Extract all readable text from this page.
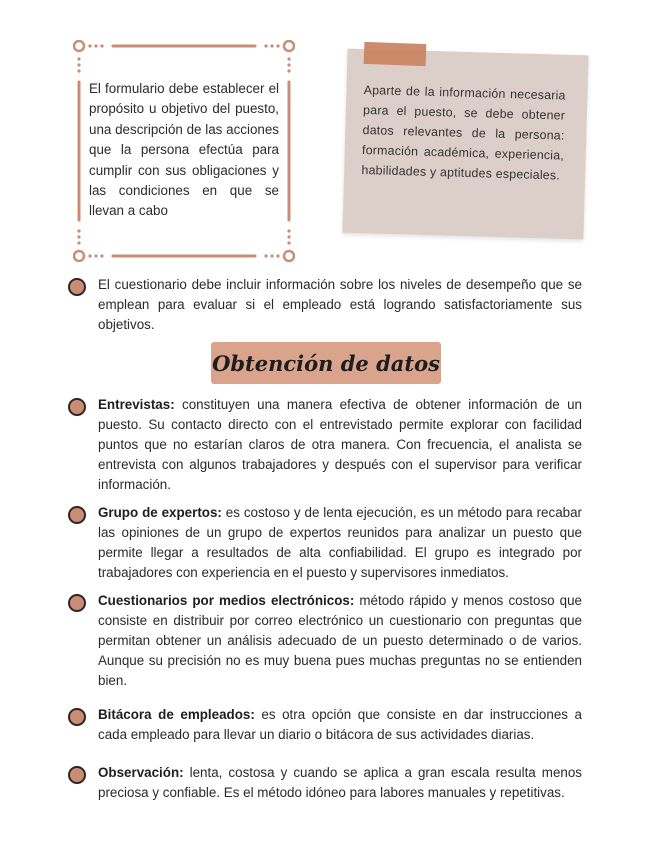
El formulario debe establecer el propósito u objetivo del puesto, una descripción de las acciones que la persona efectúa para cumplir con sus obligaciones y las condiciones en que se llevan a cabo
Aparte de la información necesaria para el puesto, se debe obtener datos relevantes de la persona: formación académica, experiencia, habilidades y aptitudes especiales.
El cuestionario debe incluir información sobre los niveles de desempeño que se emplean para evaluar si el empleado está logrando satisfactoriamente sus objetivos.
Obtención de datos
Entrevistas: constituyen una manera efectiva de obtener información de un puesto. Su contacto directo con el entrevistado permite explorar con facilidad puntos que no estarían claros de otra manera. Con frecuencia, el analista se entrevista con algunos trabajadores y después con el supervisor para verificar información.
Grupo de expertos: es costoso y de lenta ejecución, es un método para recabar las opiniones de un grupo de expertos reunidos para analizar un puesto que permite llegar a resultados de alta confiabilidad. El grupo es integrado por trabajadores con experiencia en el puesto y supervisores inmediatos.
Cuestionarios por medios electrónicos: método rápido y menos costoso que consiste en distribuir por correo electrónico un cuestionario con preguntas que permitan obtener un análisis adecuado de un puesto determinado o de varios. Aunque su precisión no es muy buena pues muchas preguntas no se entienden bien.
Bitácora de empleados: es otra opción que consiste en dar instrucciones a cada empleado para llevar un diario o bitácora de sus actividades diarias.
Observación: lenta, costosa y cuando se aplica a gran escala resulta menos preciosa y confiable. Es el método idóneo para labores manuales y repetitivas.
